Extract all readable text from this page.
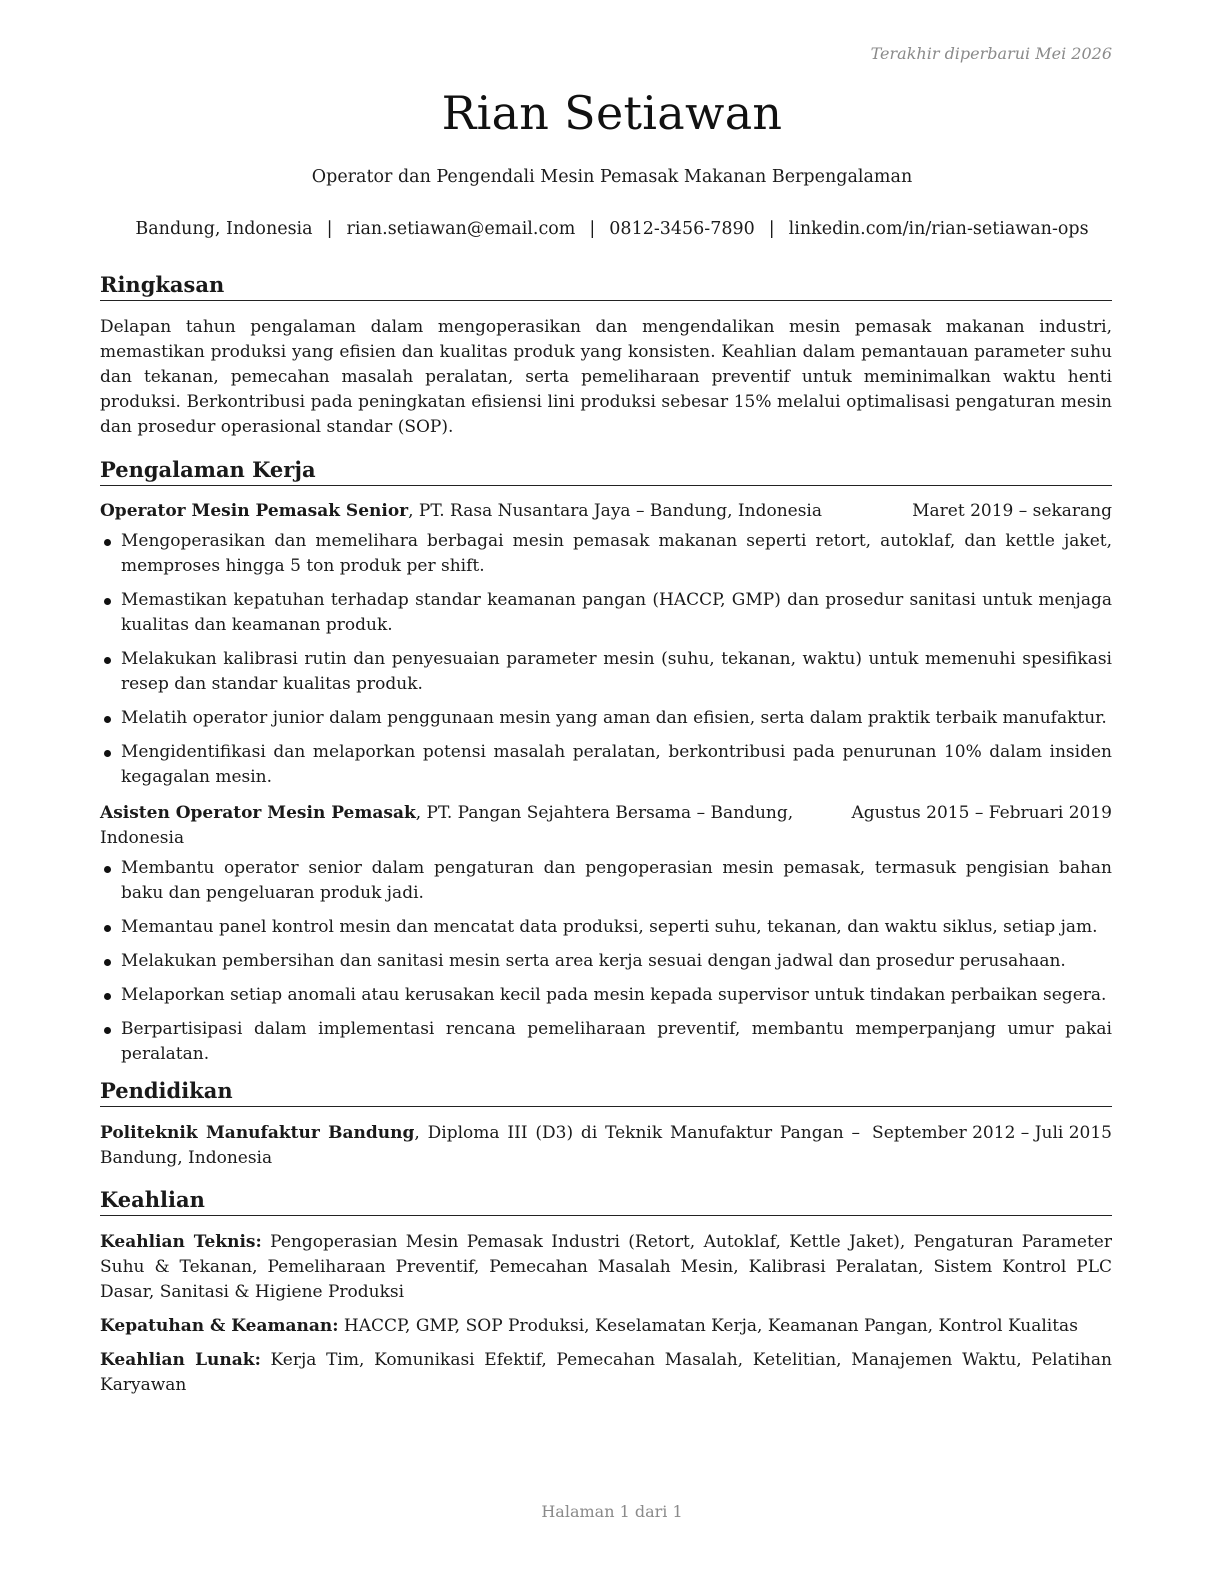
Terakhir diperbarui Mei 2026
Rian Setiawan
Operator dan Pengendali Mesin Pemasak Makanan Berpengalaman
Bandung, Indonesia | rian.setiawan@email.com | 0812-3456-7890 | linkedin.com/in/rian-setiawan-ops
Ringkasan
Delapan tahun pengalaman dalam mengoperasikan dan mengendalikan mesin pemasak makanan industri, memastikan produksi yang efisien dan kualitas produk yang konsisten. Keahlian dalam pemantauan parameter suhu dan tekanan, pemecahan masalah peralatan, serta pemeliharaan preventif untuk meminimalkan waktu henti produksi. Berkontribusi pada peningkatan efisiensi lini produksi sebesar 15% melalui optimalisasi pengaturan mesin dan prosedur operasional standar (SOP).
Pengalaman Kerja
Operator Mesin Pemasak Senior, PT. Rasa Nusantara Jaya – Bandung, Indonesia	Maret 2019 – sekarang
Mengoperasikan dan memelihara berbagai mesin pemasak makanan seperti retort, autoklaf, dan kettle jaket, memproses hingga 5 ton produk per shift.
Memastikan kepatuhan terhadap standar keamanan pangan (HACCP, GMP) dan prosedur sanitasi untuk menjaga kualitas dan keamanan produk.
Melakukan kalibrasi rutin dan penyesuaian parameter mesin (suhu, tekanan, waktu) untuk memenuhi spesifikasi resep dan standar kualitas produk.
Melatih operator junior dalam penggunaan mesin yang aman dan efisien, serta dalam praktik terbaik manufaktur.
Mengidentifikasi dan melaporkan potensi masalah peralatan, berkontribusi pada penurunan 10% dalam insiden kegagalan mesin.
Asisten Operator Mesin Pemasak, PT. Pangan Sejahtera Bersama – Bandung, Indonesia
Agustus 2015 – Februari 2019
Membantu operator senior dalam pengaturan dan pengoperasian mesin pemasak, termasuk pengisian bahan baku dan pengeluaran produk jadi.
Memantau panel kontrol mesin dan mencatat data produksi, seperti suhu, tekanan, dan waktu siklus, setiap jam.
Melakukan pembersihan dan sanitasi mesin serta area kerja sesuai dengan jadwal dan prosedur perusahaan.
Melaporkan setiap anomali atau kerusakan kecil pada mesin kepada supervisor untuk tindakan perbaikan segera.
Berpartisipasi dalam implementasi rencana pemeliharaan preventif, membantu memperpanjang umur pakai peralatan.
Pendidikan
Politeknik Manufaktur Bandung, Diploma III (D3) di Teknik Manufaktur Pangan – Bandung, Indonesia
September 2012 – Juli 2015
Keahlian
Keahlian Teknis: Pengoperasian Mesin Pemasak Industri (Retort, Autoklaf, Kettle Jaket), Pengaturan Parameter Suhu & Tekanan, Pemeliharaan Preventif, Pemecahan Masalah Mesin, Kalibrasi Peralatan, Sistem Kontrol PLC Dasar, Sanitasi & Higiene Produksi
Kepatuhan & Keamanan: HACCP, GMP, SOP Produksi, Keselamatan Kerja, Keamanan Pangan, Kontrol Kualitas
Keahlian Lunak: Kerja Tim, Komunikasi Efektif, Pemecahan Masalah, Ketelitian, Manajemen Waktu, Pelatihan Karyawan
Halaman 1 dari 1
